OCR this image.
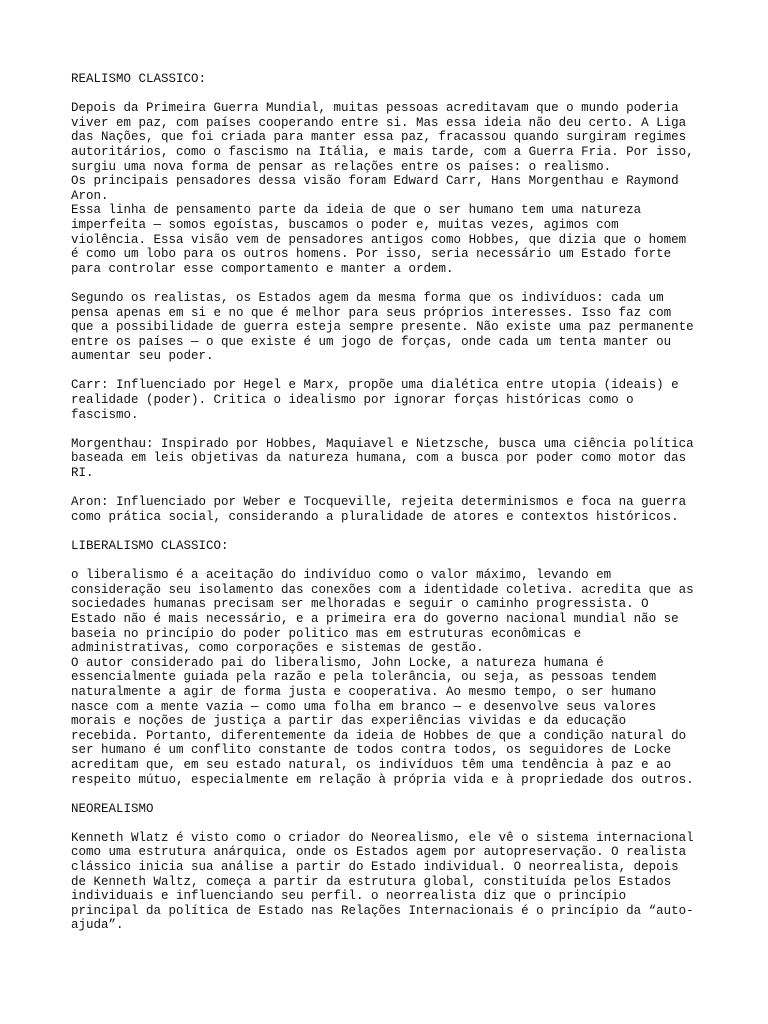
REALISMO CLASSICO:
Depois da Primeira Guerra Mundial, muitas pessoas acreditavam que o mundo poderia
viver em paz, com países cooperando entre si. Mas essa ideia não deu certo. A Liga
das Nações, que foi criada para manter essa paz, fracassou quando surgiram regimes
autoritários, como o fascismo na Itália, e mais tarde, com a Guerra Fria. Por isso,
surgiu uma nova forma de pensar as relações entre os países: o realismo.
Os principais pensadores dessa visão foram Edward Carr, Hans Morgenthau e Raymond
Aron.
Essa linha de pensamento parte da ideia de que o ser humano tem uma natureza
imperfeita — somos egoístas, buscamos o poder e, muitas vezes, agimos com
violência. Essa visão vem de pensadores antigos como Hobbes, que dizia que o homem
é como um lobo para os outros homens. Por isso, seria necessário um Estado forte
para controlar esse comportamento e manter a ordem.
Segundo os realistas, os Estados agem da mesma forma que os indivíduos: cada um
pensa apenas em si e no que é melhor para seus próprios interesses. Isso faz com
que a possibilidade de guerra esteja sempre presente. Não existe uma paz permanente
entre os países — o que existe é um jogo de forças, onde cada um tenta manter ou
aumentar seu poder.
Carr: Influenciado por Hegel e Marx, propõe uma dialética entre utopia (ideais) e
realidade (poder). Critica o idealismo por ignorar forças históricas como o
fascismo.
Morgenthau: Inspirado por Hobbes, Maquiavel e Nietzsche, busca uma ciência política
baseada em leis objetivas da natureza humana, com a busca por poder como motor das
RI.
Aron: Influenciado por Weber e Tocqueville, rejeita determinismos e foca na guerra
como prática social, considerando a pluralidade de atores e contextos históricos.
LIBERALISMO CLASSICO:
o liberalismo é a aceitação do indivíduo como o valor máximo, levando em
consideração seu isolamento das conexões com a identidade coletiva. acredita que as
sociedades humanas precisam ser melhoradas e seguir o caminho progressista. O
Estado não é mais necessário, e a primeira era do governo nacional mundial não se
baseia no princípio do poder politico mas em estruturas econômicas e
administrativas, como corporações e sistemas de gestão.
O autor considerado pai do liberalismo, John Locke, a natureza humana é
essencialmente guiada pela razão e pela tolerância, ou seja, as pessoas tendem
naturalmente a agir de forma justa e cooperativa. Ao mesmo tempo, o ser humano
nasce com a mente vazia — como uma folha em branco — e desenvolve seus valores
morais e noções de justiça a partir das experiências vividas e da educação
recebida. Portanto, diferentemente da ideia de Hobbes de que a condição natural do
ser humano é um conflito constante de todos contra todos, os seguidores de Locke
acreditam que, em seu estado natural, os indivíduos têm uma tendência à paz e ao
respeito mútuo, especialmente em relação à própria vida e à propriedade dos outros.
NEOREALISMO
Kenneth Wlatz é visto como o criador do Neorealismo, ele vê o sistema internacional
como uma estrutura anárquica, onde os Estados agem por autopreservação. O realista
clássico inicia sua análise a partir do Estado individual. O neorrealista, depois
de Kenneth Waltz, começa a partir da estrutura global, constituída pelos Estados
individuais e influenciando seu perfil. o neorrealista diz que o princípio
principal da política de Estado nas Relações Internacionais é o princípio da “auto-
ajuda”.
